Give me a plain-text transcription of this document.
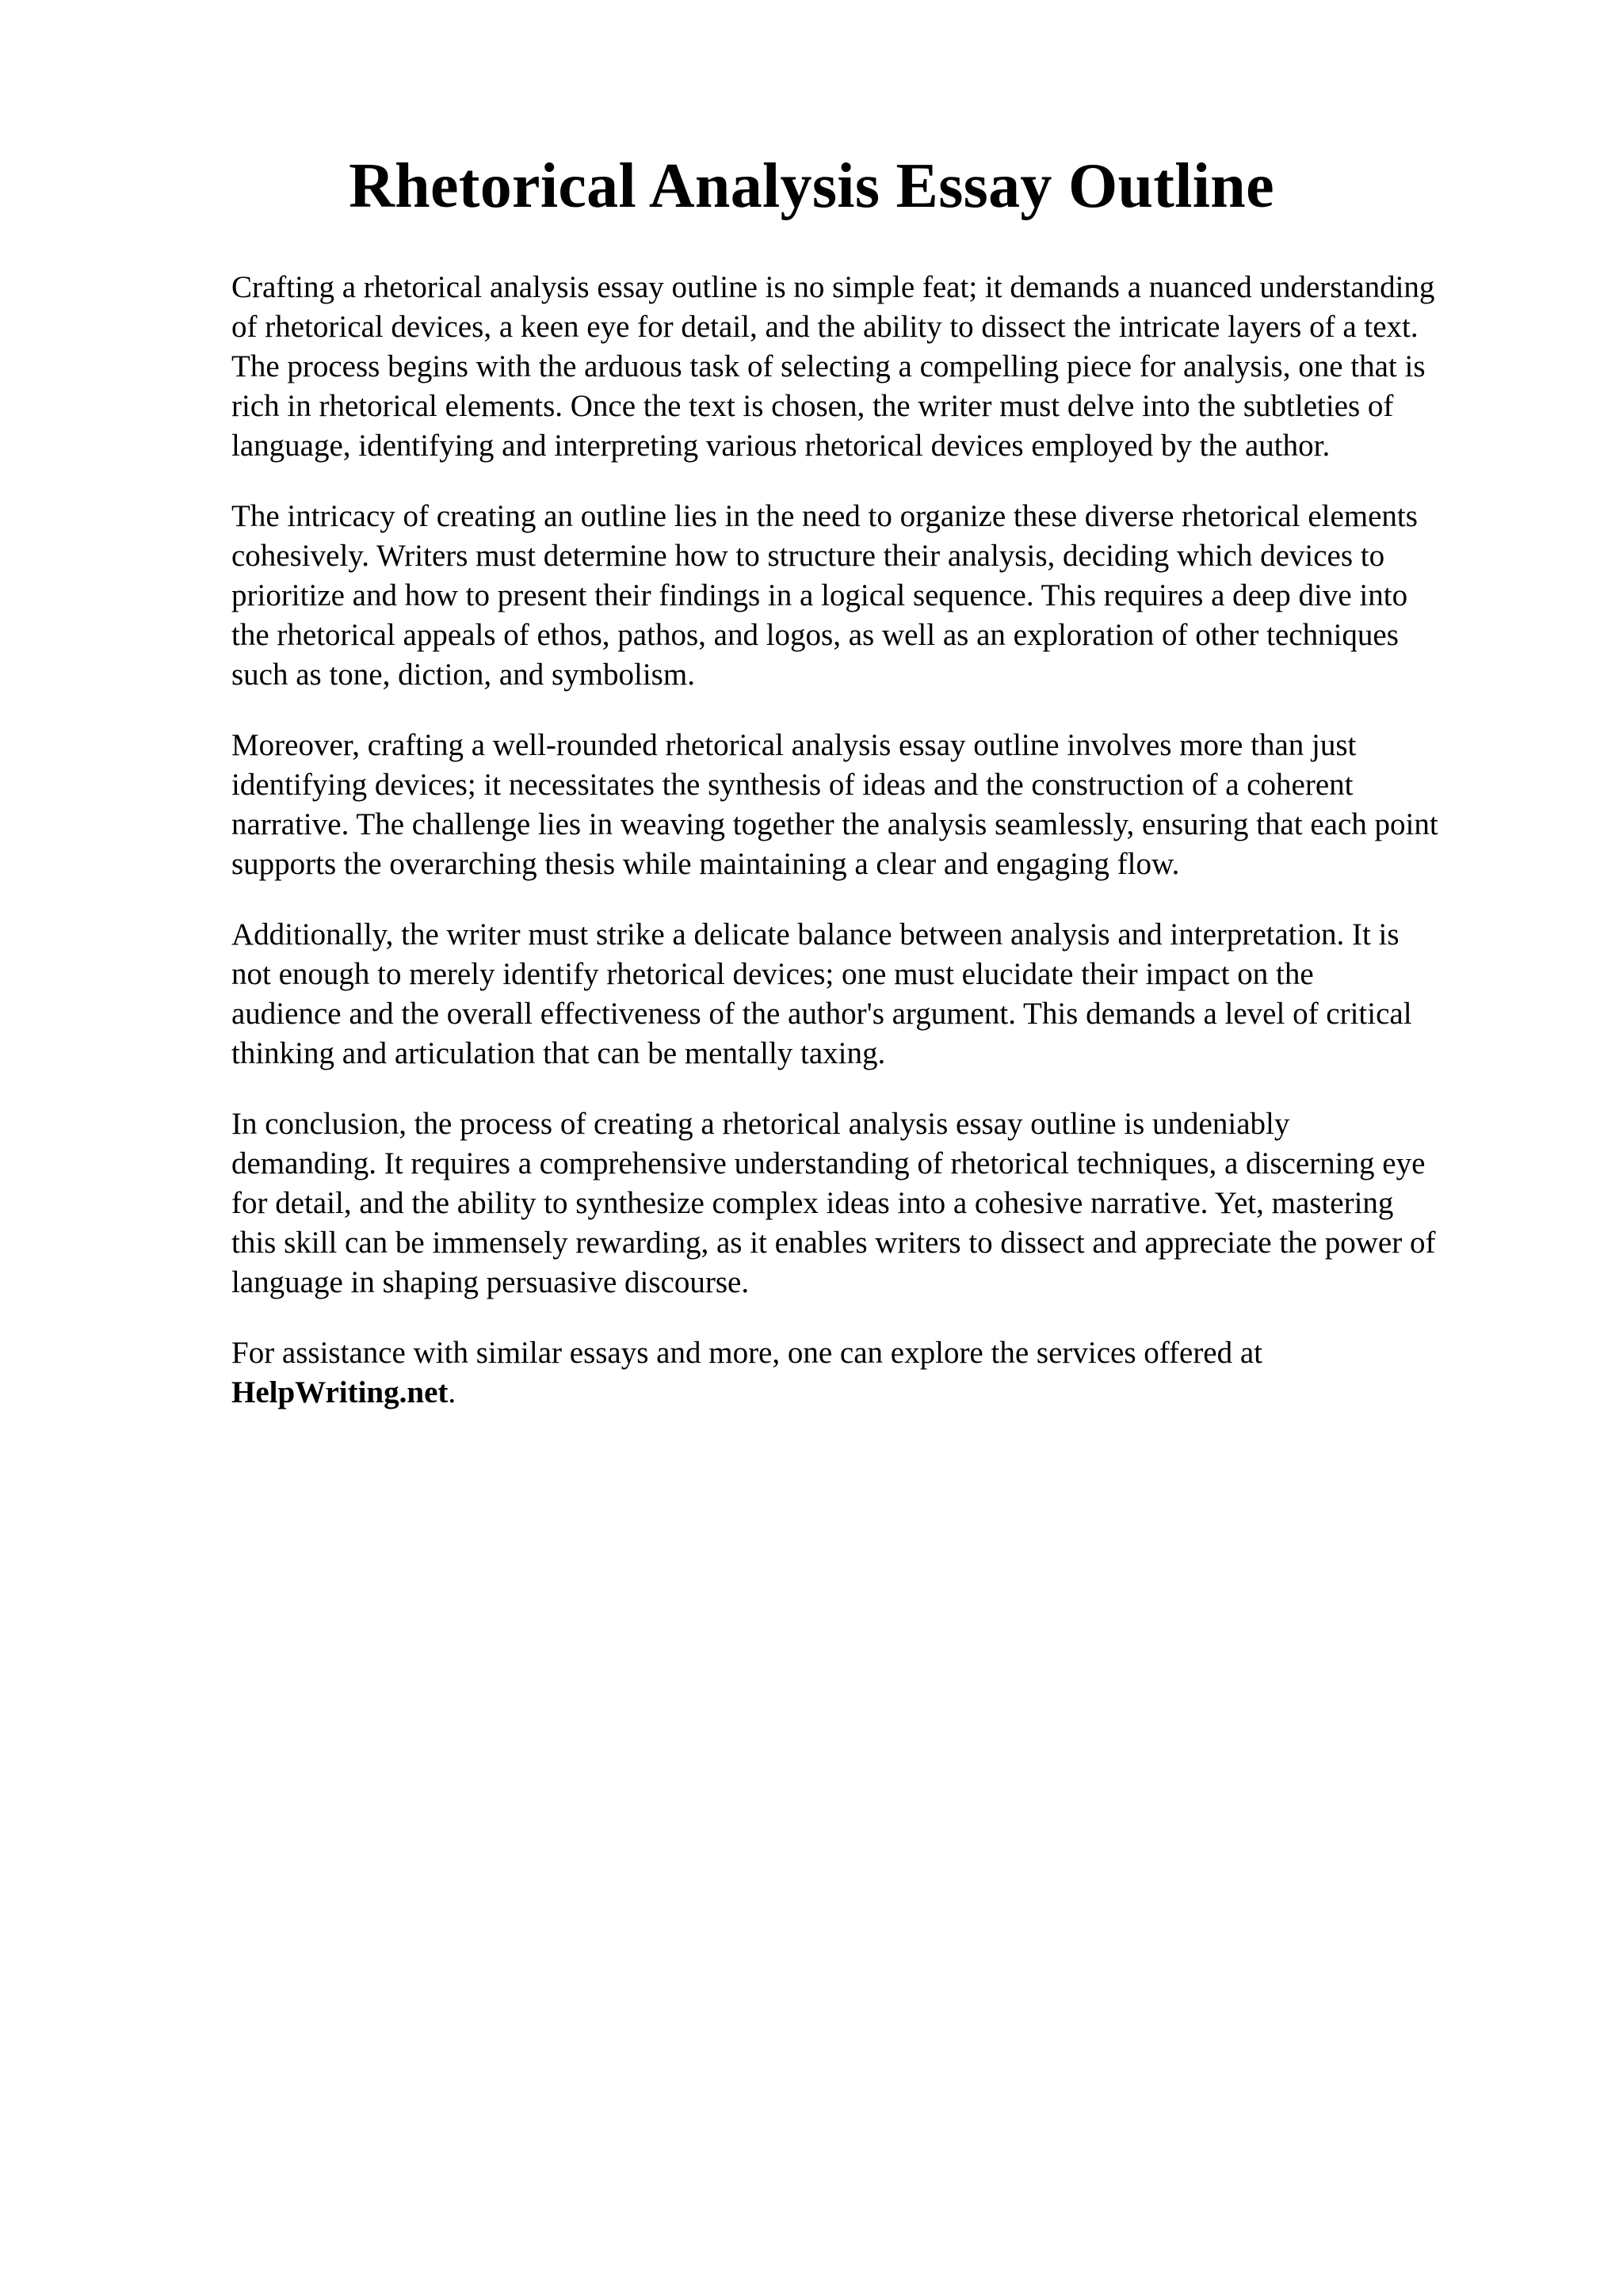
Rhetorical Analysis Essay Outline

Crafting a rhetorical analysis essay outline is no simple feat; it demands a nuanced understanding
of rhetorical devices, a keen eye for detail, and the ability to dissect the intricate layers of a text.
The process begins with the arduous task of selecting a compelling piece for analysis, one that is
rich in rhetorical elements. Once the text is chosen, the writer must delve into the subtleties of
language, identifying and interpreting various rhetorical devices employed by the author.

The intricacy of creating an outline lies in the need to organize these diverse rhetorical elements
cohesively. Writers must determine how to structure their analysis, deciding which devices to
prioritize and how to present their findings in a logical sequence. This requires a deep dive into
the rhetorical appeals of ethos, pathos, and logos, as well as an exploration of other techniques
such as tone, diction, and symbolism.

Moreover, crafting a well-rounded rhetorical analysis essay outline involves more than just
identifying devices; it necessitates the synthesis of ideas and the construction of a coherent
narrative. The challenge lies in weaving together the analysis seamlessly, ensuring that each point
supports the overarching thesis while maintaining a clear and engaging flow.

Additionally, the writer must strike a delicate balance between analysis and interpretation. It is
not enough to merely identify rhetorical devices; one must elucidate their impact on the
audience and the overall effectiveness of the author's argument. This demands a level of critical
thinking and articulation that can be mentally taxing.

In conclusion, the process of creating a rhetorical analysis essay outline is undeniably
demanding. It requires a comprehensive understanding of rhetorical techniques, a discerning eye
for detail, and the ability to synthesize complex ideas into a cohesive narrative. Yet, mastering
this skill can be immensely rewarding, as it enables writers to dissect and appreciate the power of
language in shaping persuasive discourse.

For assistance with similar essays and more, one can explore the services offered at
HelpWriting.net.
